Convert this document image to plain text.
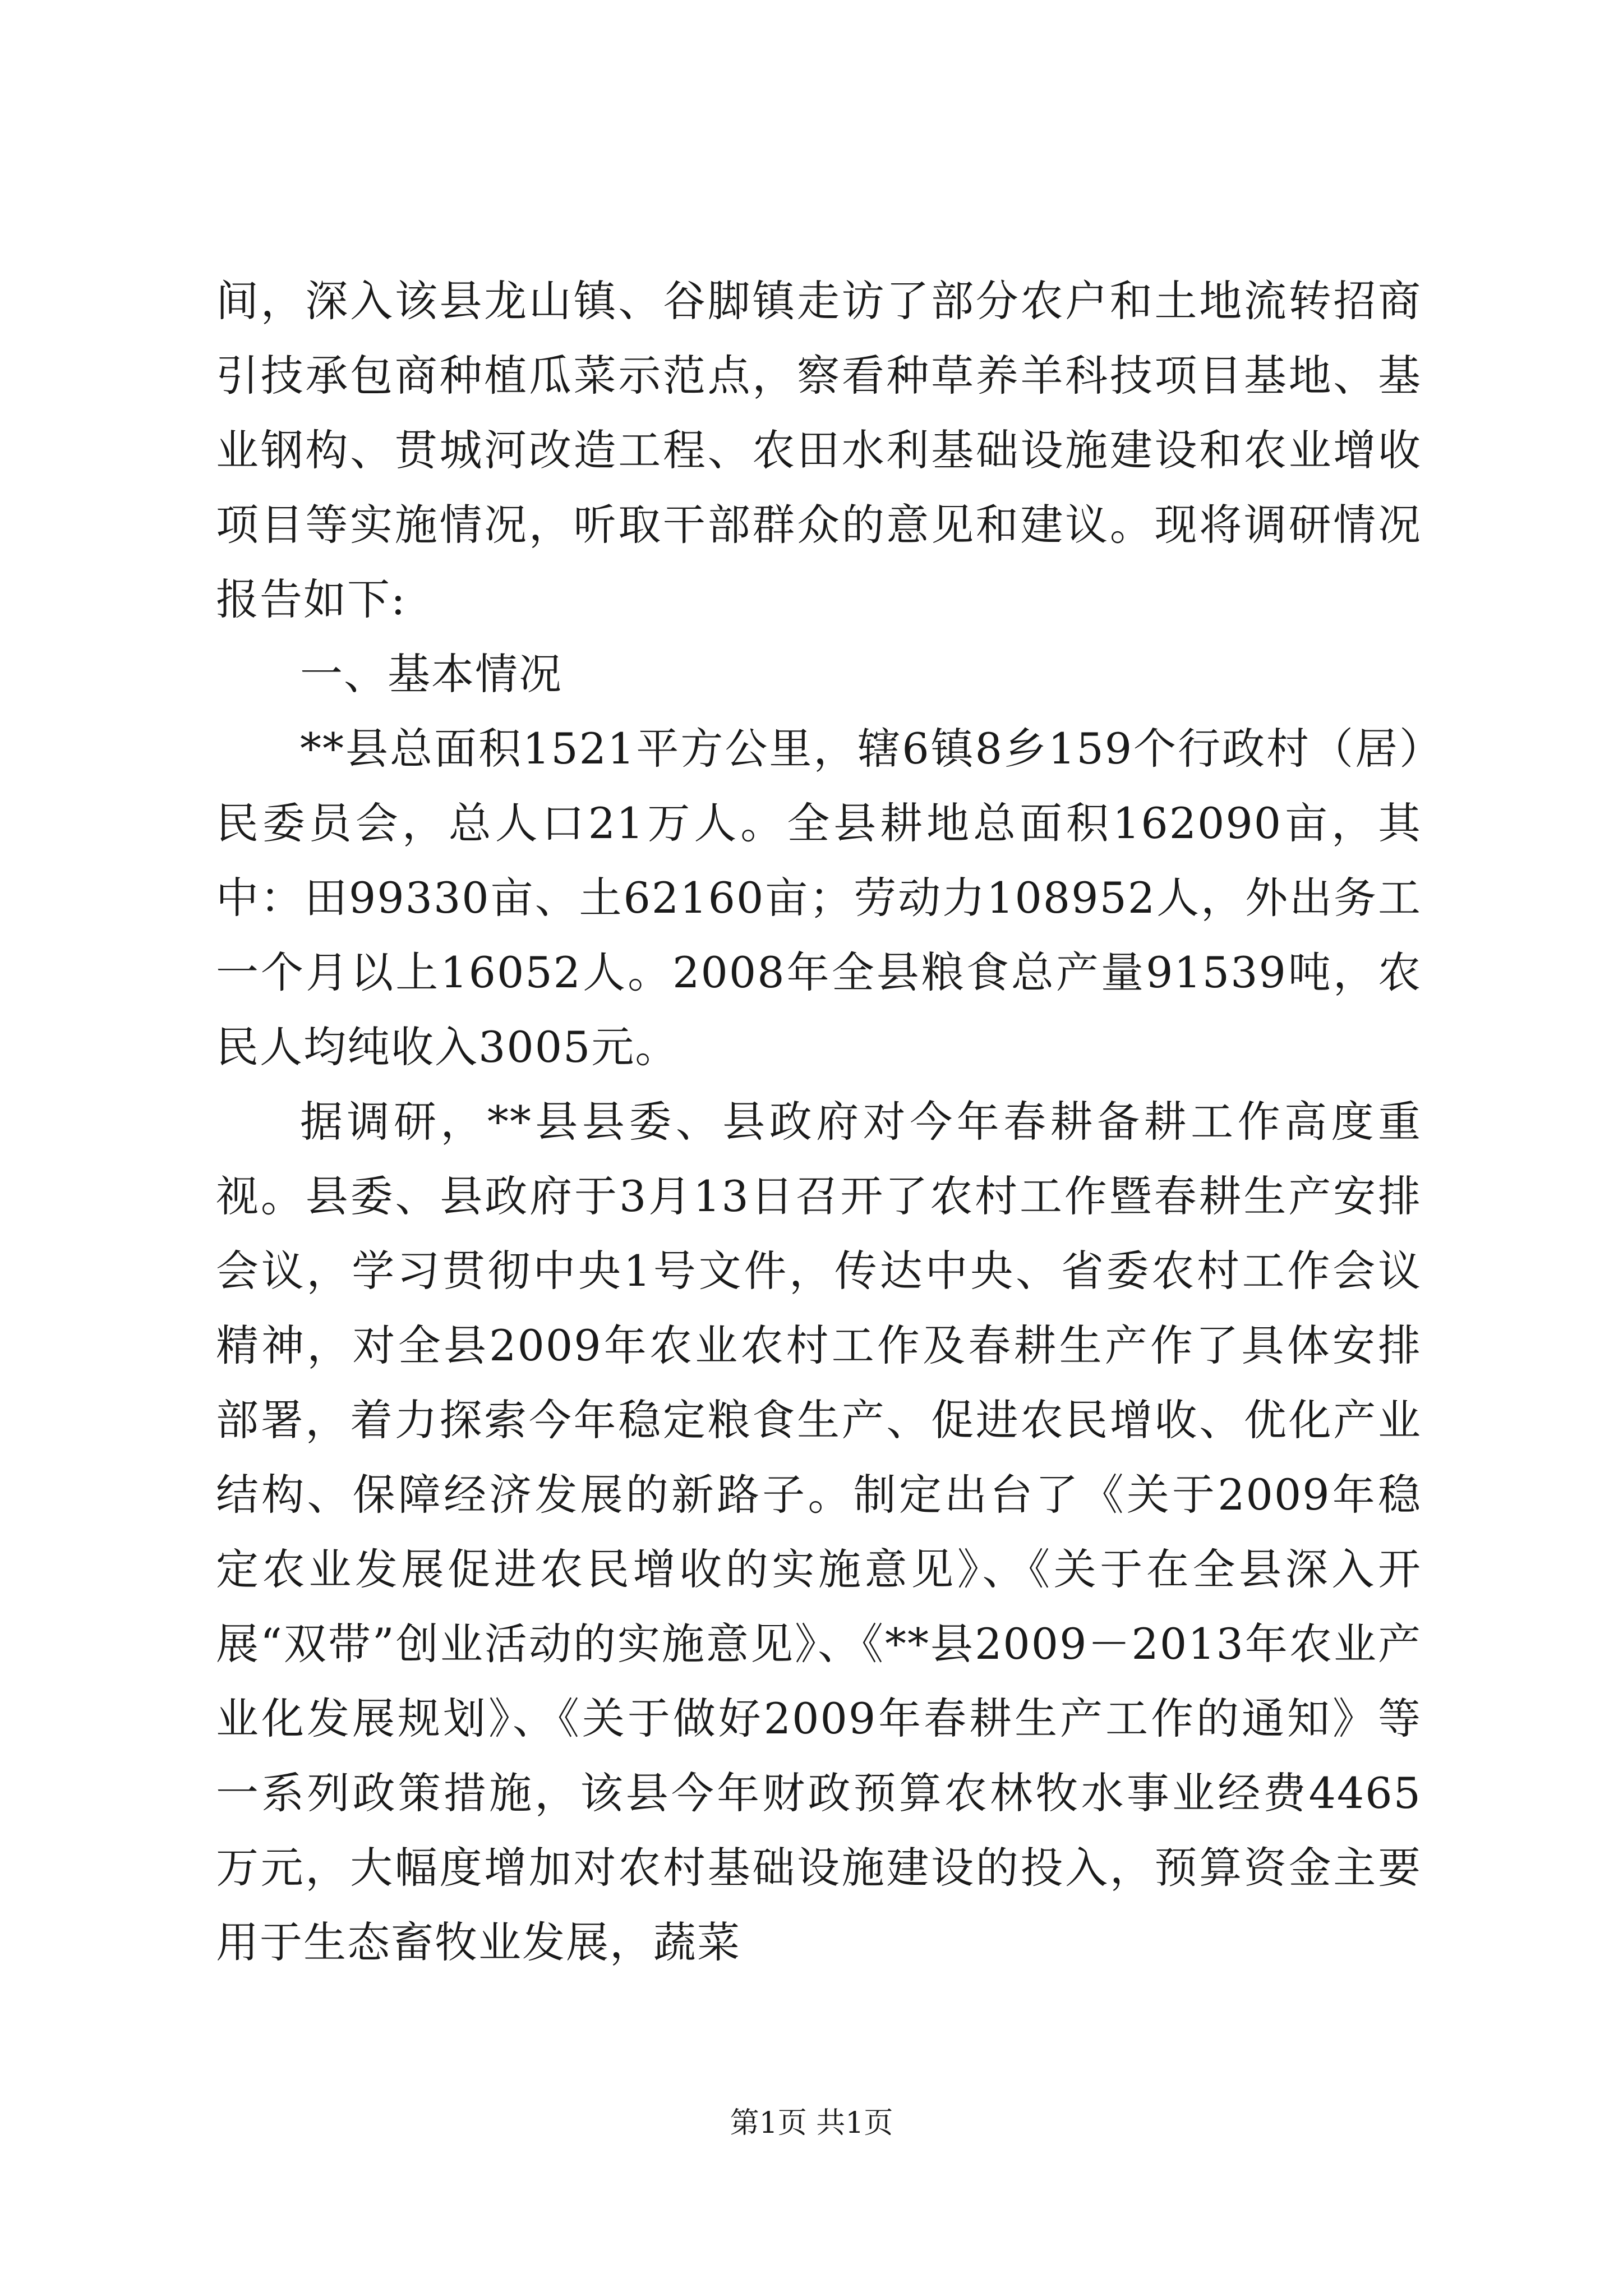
间，深入该县龙山镇、谷脚镇走访了部分农户和土地流转招商引技承包商种植瓜菜示范点，察看种草养羊科技项目基地、基业钢构、贯城河改造工程、农田水利基础设施建设和农业增收项目等实施情况，听取干部群众的意见和建议。现将调研情况报告如下:

一、基本情况

**县总面积1521平方公里，辖6镇8乡159个行政村（居）民委员会，总人口21万人。全县耕地总面积162090亩，其中：田99330亩、土62160亩；劳动力108952人，外出务工一个月以上16052人。2008年全县粮食总产量91539吨，农民人均纯收入3005元。

据调研，**县县委、县政府对今年春耕备耕工作高度重视。县委、县政府于3月13日召开了农村工作暨春耕生产安排会议，学习贯彻中央1号文件，传达中央、省委农村工作会议精神，对全县2009年农业农村工作及春耕生产作了具体安排部署，着力探索今年稳定粮食生产、促进农民增收、优化产业结构、保障经济发展的新路子。制定出台了《关于2009年稳定农业发展促进农民增收的实施意见》、《关于在全县深入开展“双带”创业活动的实施意见》、《**县2009－2013年农业产业化发展规划》、《关于做好2009年春耕生产工作的通知》等一系列政策措施，该县今年财政预算农林牧水事业经费4465万元，大幅度增加对农村基础设施建设的投入，预算资金主要用于生态畜牧业发展，蔬菜

第1页 共1页
